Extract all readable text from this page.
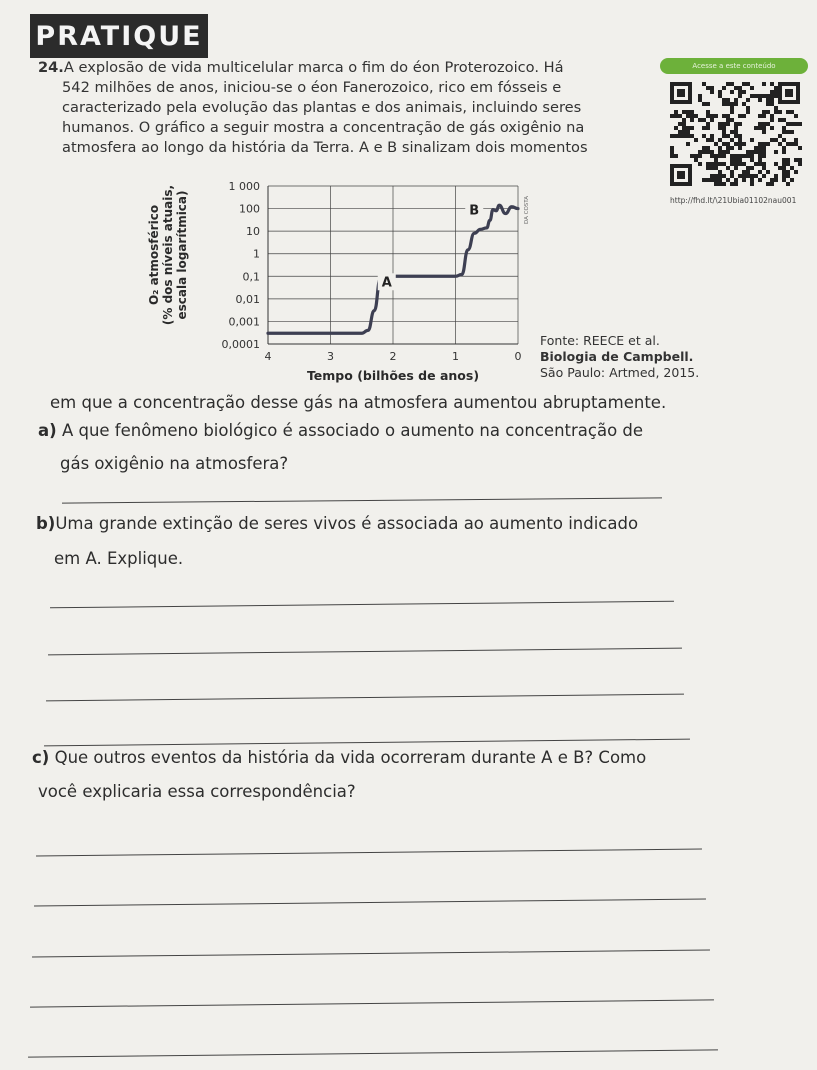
PRATIQUE
24.A explosão de vida multicelular marca o fim do éon Proterozoico. Há
542 milhões de anos, iniciou-se o éon Fanerozoico, rico em fósseis e
caracterizado pela evolução das plantas e dos animais, incluindo seres
humanos. O gráfico a seguir mostra a concentração de gás oxigênio na
atmosfera ao longo da história da Terra. A e B sinalizam dois momentos
Acesse a este conteúdo
http://fhd.lt/\21Ubia01102nau001
0,0001
0,001
0,01
0,1
1
10
100
1 000
4	3	2	1	0
A
B
Tempo (bilhões de anos)
O₂ atmosférico (% dos níveis atuais, escala logarítmica)	DA COSTA
Fonte: REECE et al.
Biologia de Campbell.
São Paulo: Artmed, 2015.
em que a concentração desse gás na atmosfera aumentou abruptamente.
a) A que fenômeno biológico é associado o aumento na concentração de
gás oxigênio na atmosfera?
b)Uma grande extinção de seres vivos é associada ao aumento indicado
em A. Explique.
c) Que outros eventos da história da vida ocorreram durante A e B? Como
você explicaria essa correspondência?
